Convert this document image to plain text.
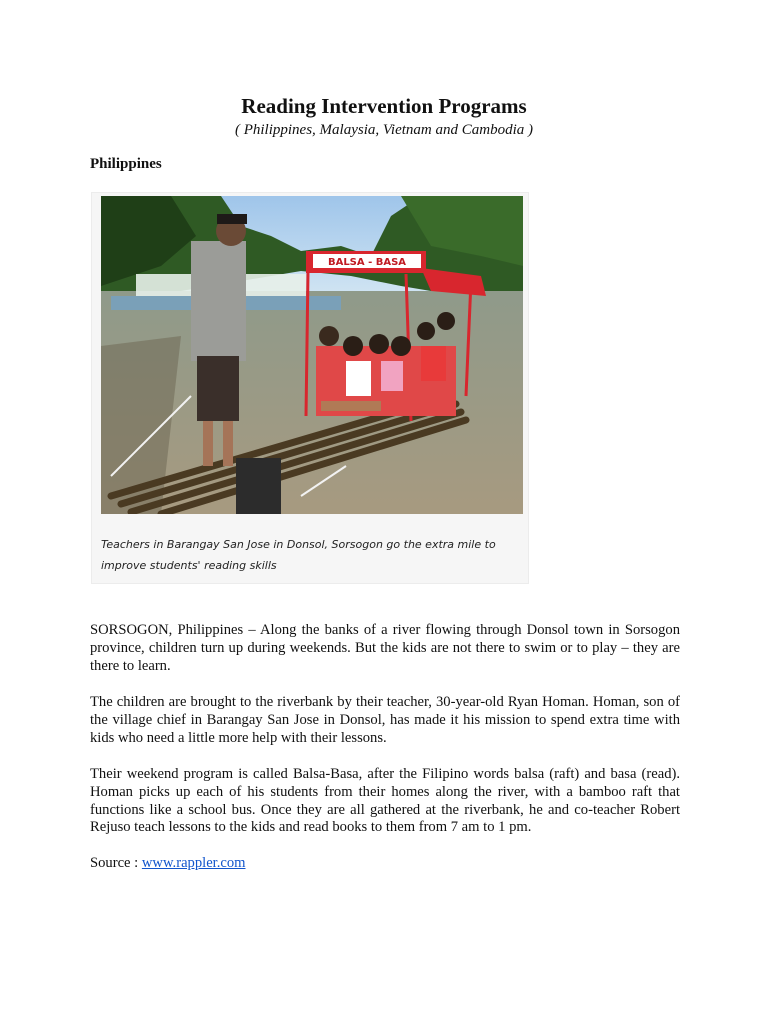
Reading Intervention Programs

( Philippines, Malaysia, Vietnam and Cambodia )

Philippines

BALSA - BASA
Teachers in Barangay San Jose in Donsol, Sorsogon go the extra mile to improve students' reading skills

SORSOGON, Philippines – Along the banks of a river flowing through Donsol town in Sorsogon province, children turn up during weekends. But the kids are not there to swim or to play – they are there to learn.

The children are brought to the riverbank by their teacher, 30-year-old Ryan Homan. Homan, son of the village chief in Barangay San Jose in Donsol, has made it his mission to spend extra time with kids who need a little more help with their lessons.

Their weekend program is called Balsa-Basa, after the Filipino words balsa (raft) and basa (read). Homan picks up each of his students from their homes along the river, with a bamboo raft that functions like a school bus. Once they are all gathered at the riverbank, he and co-teacher Robert Rejuso teach lessons to the kids and read books to them from 7 am to 1 pm.

Source : www.rappler.com
